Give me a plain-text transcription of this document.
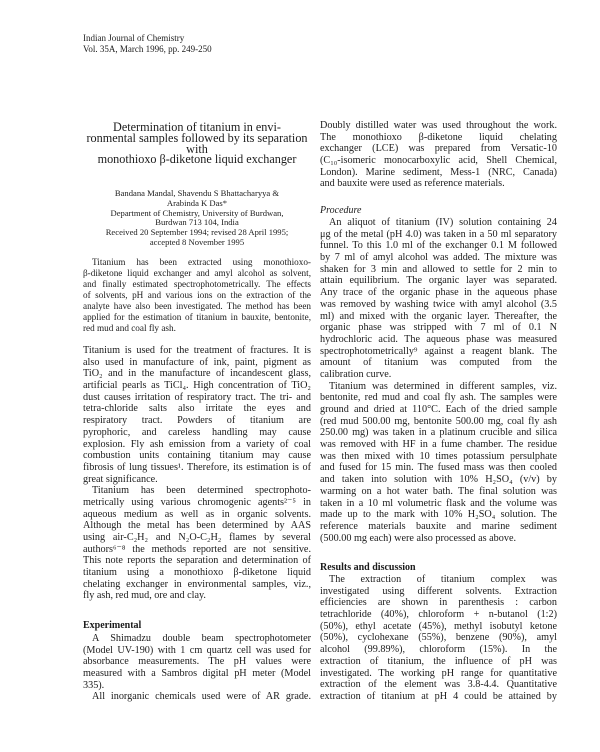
Indian Journal of Chemistry
Vol. 35A, March 1996, pp. 249-250
Determination of titanium in envi-
ronmental samples followed by its separation
with
monothioxo β-diketone liquid exchanger
Bandana Mandal, Shavendu S Bhattacharyya &
Arabinda K Das*
Department of Chemistry, University of Burdwan,
Burdwan 713 104, India
Received 20 September 1994; revised 28 April 1995;
accepted 8 November 1995
Titanium has been extracted using monothioxo-
β-diketone liquid exchanger and amyl alcohol as solvent,
and finally estimated spectrophotometrically. The effects
of solvents, pH and various ions on the extraction of the
analyte have also been investigated. The method has been
applied for the estimation of titanium in bauxite, bentonite,
red mud and coal fly ash.
Titanium is used for the treatment of fractures. It is
also used in manufacture of ink, paint, pigment as
TiO₂ and in the manufacture of incandescent glass,
artificial pearls as TiCl₄. High concentration of TiO₂
dust causes irritation of respiratory tract. The tri- and
tetra-chloride salts also irritate the eyes and
respiratory tract. Powders of titanium are
pyrophoric, and careless handling may cause
explosion. Fly ash emission from a variety of coal
combustion units containing titanium may cause
fibrosis of lung tissues¹. Therefore, its estimation is of
great significance.
Titanium has been determined spectrophoto-
metrically using various chromogenic agents²⁻⁵ in
aqueous medium as well as in organic solvents.
Although the metal has been determined by AAS
using air-C₂H₂ and N₂O-C₂H₂ flames by several
authors⁶⁻⁸ the methods reported are not sensitive.
This note reports the separation and determination of
titanium using a monothioxo β-diketone liquid
chelating exchanger in environmental samples, viz.,
fly ash, red mud, ore and clay.
Experimental
A Shimadzu double beam spectrophotometer
(Model UV-190) with 1 cm quartz cell was used for
absorbance measurements. The pH values were
measured with a Sambros digital pH meter (Model
335).
All inorganic chemicals used were of AR grade.
Doubly distilled water was used throughout the work.
The monothioxo β-diketone liquid chelating
exchanger (LCE) was prepared from Versatic-10
(C₁₀-isomeric monocarboxylic acid, Shell Chemical,
London). Marine sediment, Mess-1 (NRC, Canada)
and bauxite were used as reference materials.
Procedure
An aliquot of titanium (IV) solution containing 24
μg of the metal (pH 4.0) was taken in a 50 ml separatory
funnel. To this 1.0 ml of the exchanger 0.1 M followed
by 7 ml of amyl alcohol was added. The mixture was
shaken for 3 min and allowed to settle for 2 min to
attain equilibrium. The organic layer was separated.
Any trace of the organic phase in the aqueous phase
was removed by washing twice with amyl alcohol (3.5
ml) and mixed with the organic layer. Thereafter, the
organic phase was stripped with 7 ml of 0.1 N
hydrochloric acid. The aqueous phase was measured
spectrophotometrically⁹ against a reagent blank. The
amount of titanium was computed from the
calibration curve.
Titanium was determined in different samples, viz.
bentonite, red mud and coal fly ash. The samples were
ground and dried at 110°C. Each of the dried sample
(red mud 500.00 mg, bentonite 500.00 mg, coal fly ash
250.00 mg) was taken in a platinum crucible and silica
was removed with HF in a fume chamber. The residue
was then mixed with 10 times potassium persulphate
and fused for 15 min. The fused mass was then cooled
and taken into solution with 10% H₂SO₄ (v/v) by
warming on a hot water bath. The final solution was
taken in a 10 ml volumetric flask and the volume was
made up to the mark with 10% H₂SO₄ solution. The
reference materials bauxite and marine sediment
(500.00 mg each) were also processed as above.
Results and discussion
The extraction of titanium complex was
investigated using different solvents. Extraction
efficiencies are shown in parenthesis : carbon
tetrachloride (40%), chloroform + n-butanol (1:2)
(50%), ethyl acetate (45%), methyl isobutyl ketone
(50%), cyclohexane (55%), benzene (90%), amyl
alcohol (99.89%), chloroform (15%). In the
extraction of titanium, the influence of pH was
investigated. The working pH range for quantitative
extraction of the element was 3.8-4.4. Quantitative
extraction of titanium at pH 4 could be attained by
